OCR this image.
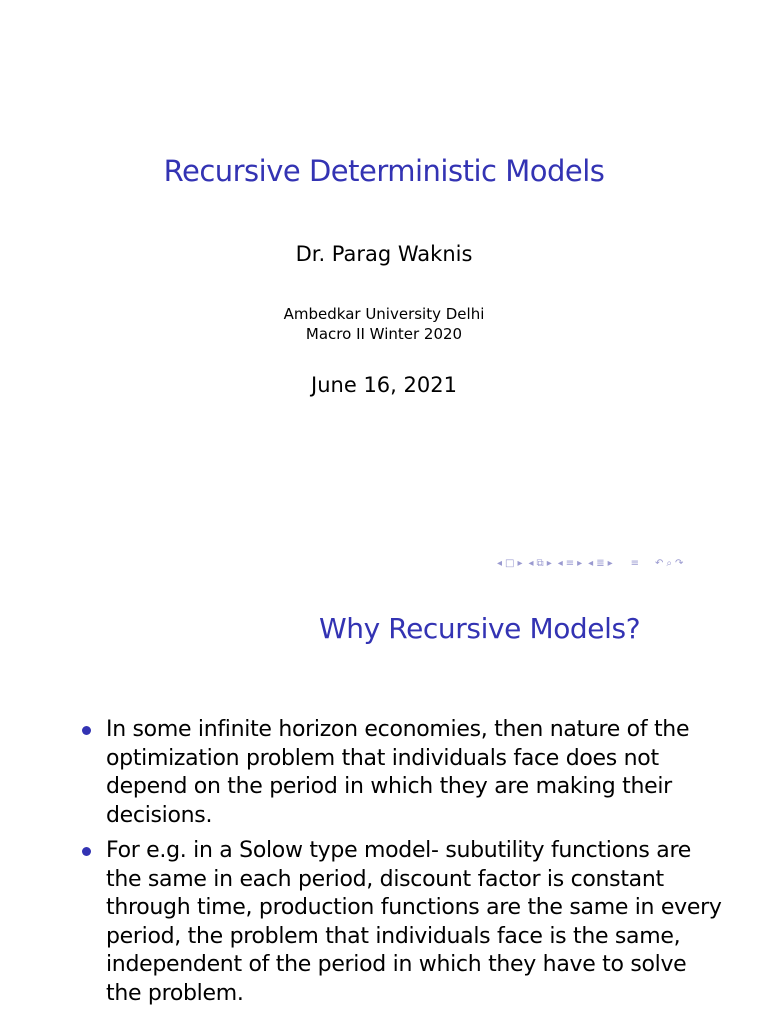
Recursive Deterministic Models
Dr. Parag Waknis
Ambedkar University Delhi
Macro II Winter 2020
June 16, 2021
◂ □ ▸ ◂ ⧉ ▸ ◂ ≡ ▸ ◂ ≣ ▸	≡	↶ ⌕ ↷
Why Recursive Models?
In some infinite horizon economies, then nature of the optimization problem that individuals face does not depend on the period in which they are making their decisions.
For e.g. in a Solow type model- subutility functions are the same in each period, discount factor is constant through time, production functions are the same in every period, the problem that individuals face is the same, independent of the period in which they have to solve the problem.
